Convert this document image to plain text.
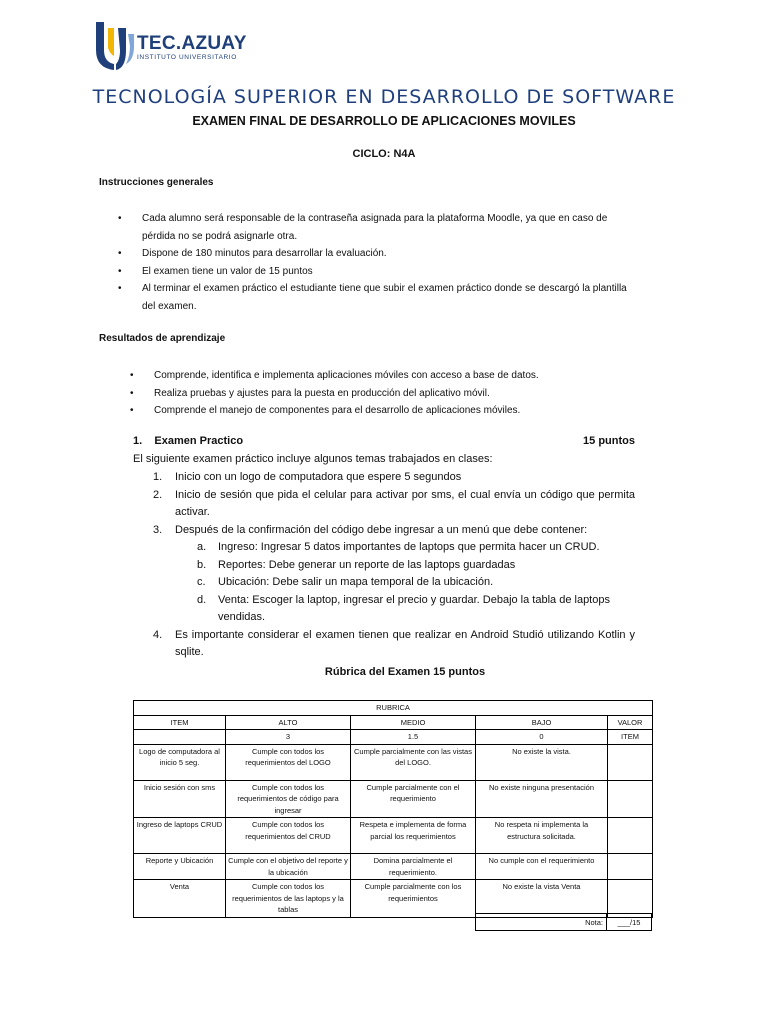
TEC.AZUAY
INSTITUTO UNIVERSITARIO
TECNOLOGÍA SUPERIOR EN DESARROLLO DE SOFTWARE
EXAMEN FINAL DE DESARROLLO DE APLICACIONES MOVILES
CICLO: N4A
Instrucciones generales
• Cada alumno será responsable de la contraseña asignada para la plataforma Moodle, ya que en caso de pérdida no se podrá asignarle otra.
• Dispone de 180 minutos para desarrollar la evaluación.
• El examen tiene un valor de 15 puntos
• Al terminar el examen práctico el estudiante tiene que subir el examen práctico donde se descargó la plantilla del examen.
Resultados de aprendizaje
• Comprende, identifica e implementa aplicaciones móviles con acceso a base de datos.
• Realiza pruebas y ajustes para la puesta en producción del aplicativo móvil.
• Comprende el manejo de componentes para el desarrollo de aplicaciones móviles.
1. Examen Practico	15 puntos
El siguiente examen práctico incluye algunos temas trabajados en clases:
1.	Inicio con un logo de computadora que espere 5 segundos
2.	Inicio de sesión que pida el celular para activar por sms, el cual envía un código que permita activar.
3.	Después de la confirmación del código debe ingresar a un menú que debe contener:
a.	Ingreso: Ingresar 5 datos importantes de laptops que permita hacer un CRUD.
b.	Reportes: Debe generar un reporte de las laptops guardadas
c.	Ubicación: Debe salir un mapa temporal de la ubicación.
d.	Venta: Escoger la laptop, ingresar el precio y guardar. Debajo la tabla de laptops vendidas.
4.	Es importante considerar el examen tienen que realizar en Android Studió utilizando Kotlin y sqlite.
Rúbrica del Examen 15 puntos
RUBRICA				
ITEM	ALTO	MEDIO	BAJO	VALOR
	3	1.5	0	ITEM
Logo de computadora al inicio 5 seg.	Cumple con todos los requerimientos del LOGO	Cumple parcialmente con las vistas del LOGO.	No existe la vista.	
Inicio sesión con sms	Cumple con todos los requerimientos de código para ingresar	Cumple parcialmente con el requerimiento	No existe ninguna presentación	
Ingreso de laptops CRUD	Cumple con todos los requerimientos del CRUD	Respeta e implementa de forma parcial los requerimientos	No respeta ni implementa la estructura solicitada.	
Reporte y Ubicación	Cumple con el objetivo del reporte y la ubicación	Domina parcialmente el requerimiento.	No cumple con el requerimiento	
Venta	Cumple con todos los requerimientos de las laptops y la tablas	Cumple parcialmente con los requerimientos	No existe la vista Venta	
Nota:	___/15
